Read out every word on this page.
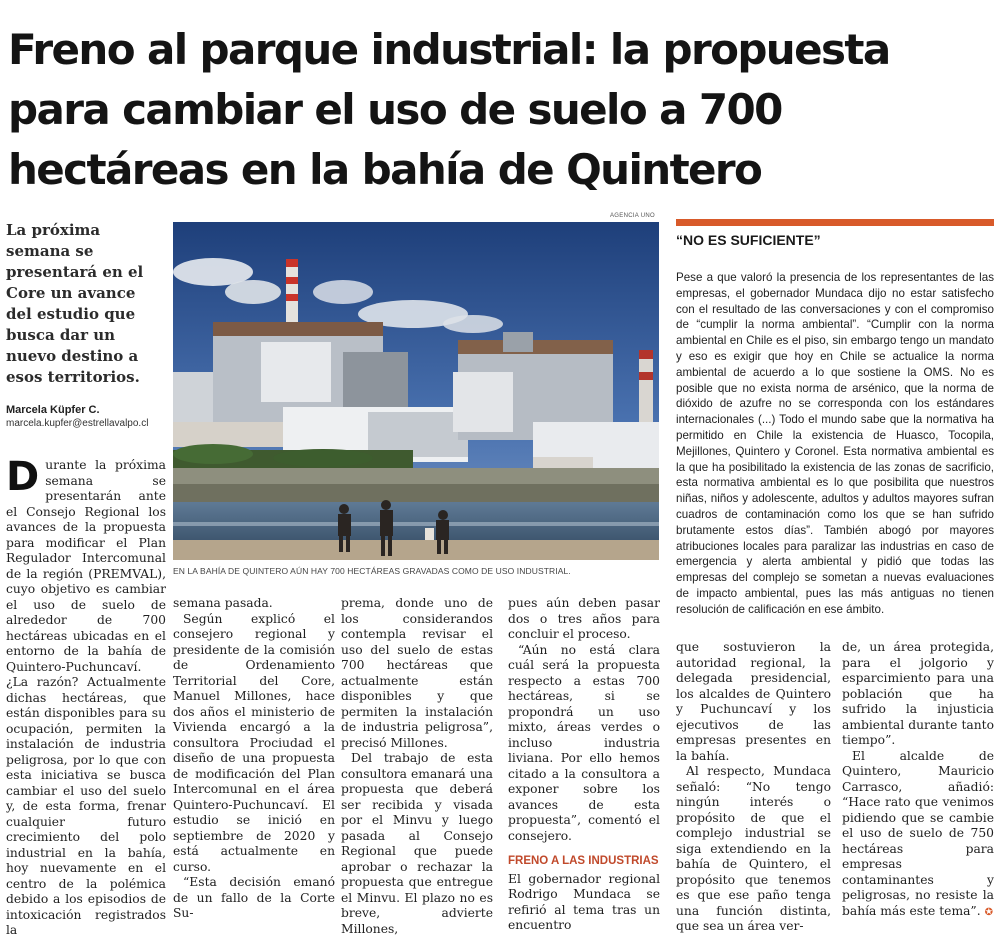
Freno al parque industrial: la propuesta para cambiar el uso de suelo a 700 hectáreas en la bahía de Quintero

La próxima semana se presentará en el Core un avance del estudio que busca dar un nuevo destino a esos territorios.

Marcela Küpfer C.
marcela.kupfer@estrellavalpo.cl
AGENCIA UNO
EN LA BAHÍA DE QUINTERO AÚN HAY 700 HECTÁREAS GRAVADAS COMO DE USO INDUSTRIAL.
D urante la próxima semana se presentarán ante el Consejo Regional los avances de la propuesta para modificar el Plan Regulador Intercomunal de la región (PREMVAL), cuyo objetivo es cambiar el uso de suelo de alrededor de 700 hectáreas ubicadas en el entorno de la bahía de Quintero-Puchuncaví. ¿La razón? Actualmente dichas hectáreas, que están disponibles para su ocupación, permiten la instalación de industria peligrosa, por lo que con esta iniciativa se busca cambiar el uso del suelo y, de esta forma, frenar cualquier futuro crecimiento del polo industrial en la bahía, hoy nuevamente en el centro de la polémica debido a los episodios de intoxicación registrados la

semana pasada.

Según explicó el consejero regional y presidente de la comisión de Ordenamiento Territorial del Core, Manuel Millones, hace dos años el ministerio de Vivienda encargó a la consultora Prociudad el diseño de una propuesta de modificación del Plan Intercomunal en el área Quintero-Puchuncaví. El estudio se inició en septiembre de 2020 y está actualmente en curso.

“Esta decisión emanó de un fallo de la Corte Su-

prema, donde uno de los considerandos contempla revisar el uso del suelo de estas 700 hectáreas que actualmente están disponibles y que permiten la instalación de industria peligrosa”, precisó Millones.

Del trabajo de esta consultora emanará una propuesta que deberá ser recibida y visada por el Minvu y luego pasada al Consejo Regional que puede aprobar o rechazar la propuesta que entregue el Minvu. El plazo no es breve, advierte Millones,

pues aún deben pasar dos o tres años para concluir el proceso.

“Aún no está clara cuál será la propuesta respecto a estas 700 hectáreas, si se propondrá un uso mixto, áreas verdes o incluso industria liviana. Por ello hemos citado a la consultora a exponer sobre los avances de esta propuesta”, comentó el consejero.

FRENO A LAS INDUSTRIAS

El gobernador regional Rodrigo Mundaca se refirió al tema tras un encuentro

que sostuvieron la autoridad regional, la delegada presidencial, los alcaldes de Quintero y Puchuncaví y los ejecutivos de las empresas presentes en la bahía.

Al respecto, Mundaca señaló: “No tengo ningún interés o propósito de que el complejo industrial se siga extendiendo en la bahía de Quintero, el propósito que tenemos es que ese paño tenga una función distinta, que sea un área ver-

de, un área protegida, para el jolgorio y esparcimiento para una población que ha sufrido la injusticia ambiental durante tanto tiempo”.

El alcalde de Quintero, Mauricio Carrasco, añadió: “Hace rato que venimos pidiendo que se cambie el uso de suelo de 750 hectáreas para empresas contaminantes y peligrosas, no resiste la bahía más este tema”. ✪

“NO ES SUFICIENTE”

Pese a que valoró la presencia de los representantes de las empresas, el gobernador Mundaca dijo no estar satisfecho con el resultado de las conversaciones y con el compromiso de “cumplir la norma ambiental”. “Cumplir con la norma ambiental en Chile es el piso, sin embargo tengo un mandato y eso es exigir que hoy en Chile se actualice la norma ambiental de acuerdo a lo que sostiene la OMS. No es posible que no exista norma de arsénico, que la norma de dióxido de azufre no se corresponda con los estándares internacionales (...) Todo el mundo sabe que la normativa ha permitido en Chile la existencia de Huasco, Tocopila, Mejillones, Quintero y Coronel. Esta normativa ambiental es la que ha posibilitado la existencia de las zonas de sacrificio, esta normativa ambiental es lo que posibilita que nuestros niñas, niños y adolescente, adultos y adultos mayores sufran cuadros de contaminación como los que se han sufrido brutamente estos días”. También abogó por mayores atribuciones locales para paralizar las industrias en caso de emergencia y alerta ambiental y pidió que todas las empresas del complejo se sometan a nuevas evaluaciones de impacto ambiental, pues las más antiguas no tienen resolución de calificación en ese ámbito.
